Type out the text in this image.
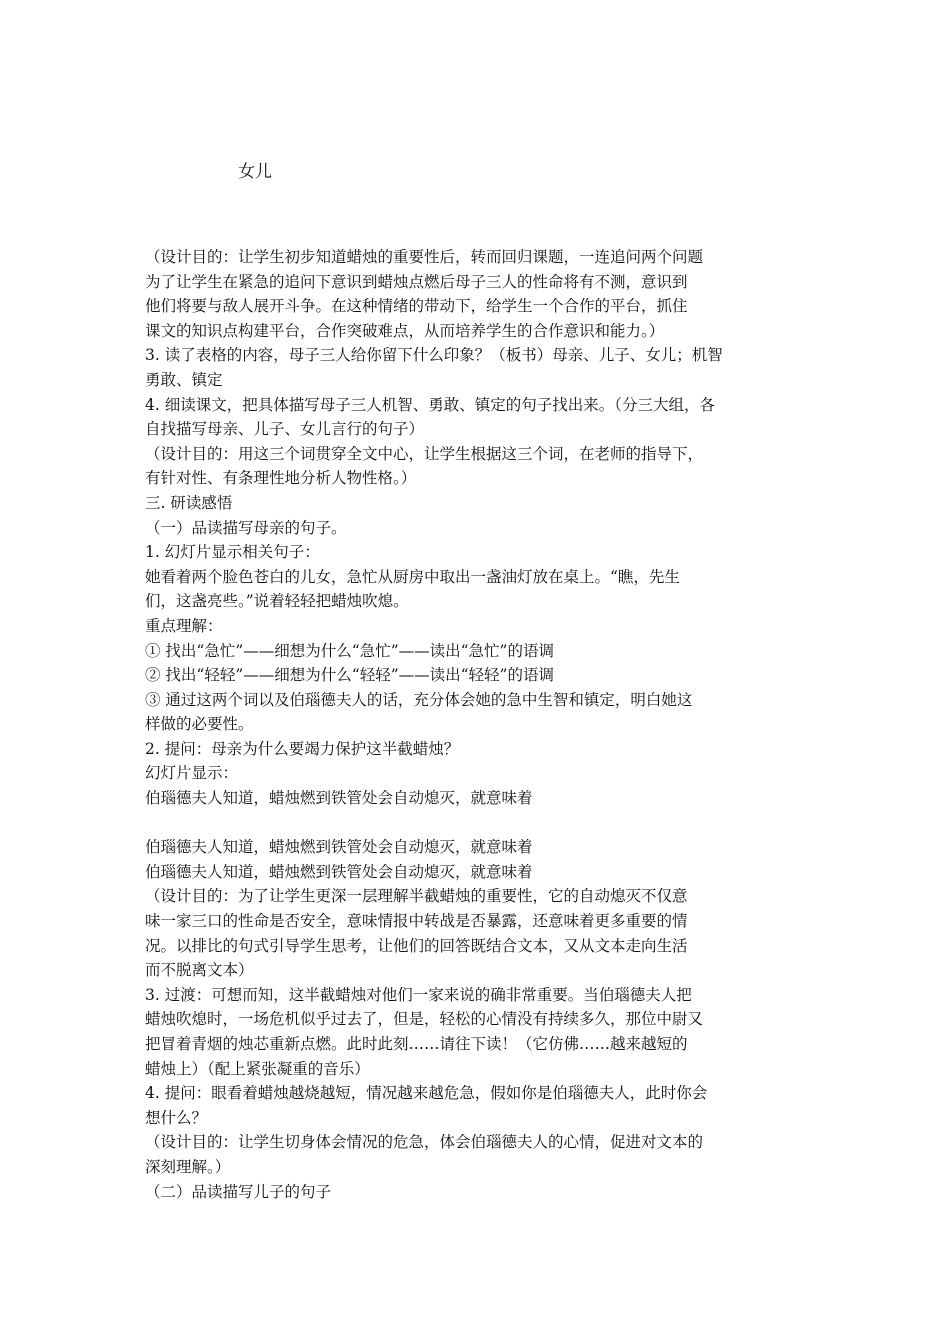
女儿
（设计目的：让学生初步知道蜡烛的重要性后，转而回归课题，一连追问两个问题
为了让学生在紧急的追问下意识到蜡烛点燃后母子三人的性命将有不测，意识到
他们将要与敌人展开斗争。在这种情绪的带动下，给学生一个合作的平台，抓住
课文的知识点构建平台，合作突破难点，从而培养学生的合作意识和能力。）
3. 读了表格的内容，母子三人给你留下什么印象？（板书）母亲、儿子、女儿；机智
勇敢、镇定
4. 细读课文，把具体描写母子三人机智、勇敢、镇定的句子找出来。（分三大组，各
自找描写母亲、儿子、女儿言行的句子）
（设计目的：用这三个词贯穿全文中心，让学生根据这三个词，在老师的指导下，
有针对性、有条理性地分析人物性格。）
三. 研读感悟
（一）品读描写母亲的句子。
1. 幻灯片显示相关句子：
她看着两个脸色苍白的儿女，急忙从厨房中取出一盏油灯放在桌上。“瞧，先生
们，这盏亮些。”说着轻轻把蜡烛吹熄。
重点理解：
① 找出“急忙”——细想为什么“急忙”——读出“急忙”的语调
② 找出“轻轻”——细想为什么“轻轻”——读出“轻轻”的语调
③ 通过这两个词以及伯瑙德夫人的话，充分体会她的急中生智和镇定，明白她这
样做的必要性。
2. 提问：母亲为什么要竭力保护这半截蜡烛？
幻灯片显示：
伯瑙德夫人知道，蜡烛燃到铁管处会自动熄灭，就意味着
伯瑙德夫人知道，蜡烛燃到铁管处会自动熄灭，就意味着
伯瑙德夫人知道，蜡烛燃到铁管处会自动熄灭，就意味着
（设计目的：为了让学生更深一层理解半截蜡烛的重要性，它的自动熄灭不仅意
味一家三口的性命是否安全，意味情报中转战是否暴露，还意味着更多重要的情
况。以排比的句式引导学生思考，让他们的回答既结合文本，又从文本走向生活
而不脱离文本）
3. 过渡：可想而知，这半截蜡烛对他们一家来说的确非常重要。当伯瑙德夫人把
蜡烛吹熄时，一场危机似乎过去了，但是，轻松的心情没有持续多久，那位中尉又
把冒着青烟的烛芯重新点燃。此时此刻……请往下读！（它仿佛……越来越短的
蜡烛上）（配上紧张凝重的音乐）
4. 提问：眼看着蜡烛越烧越短，情况越来越危急，假如你是伯瑙德夫人，此时你会
想什么？
（设计目的：让学生切身体会情况的危急，体会伯瑙德夫人的心情，促进对文本的
深刻理解。）
（二）品读描写儿子的句子
